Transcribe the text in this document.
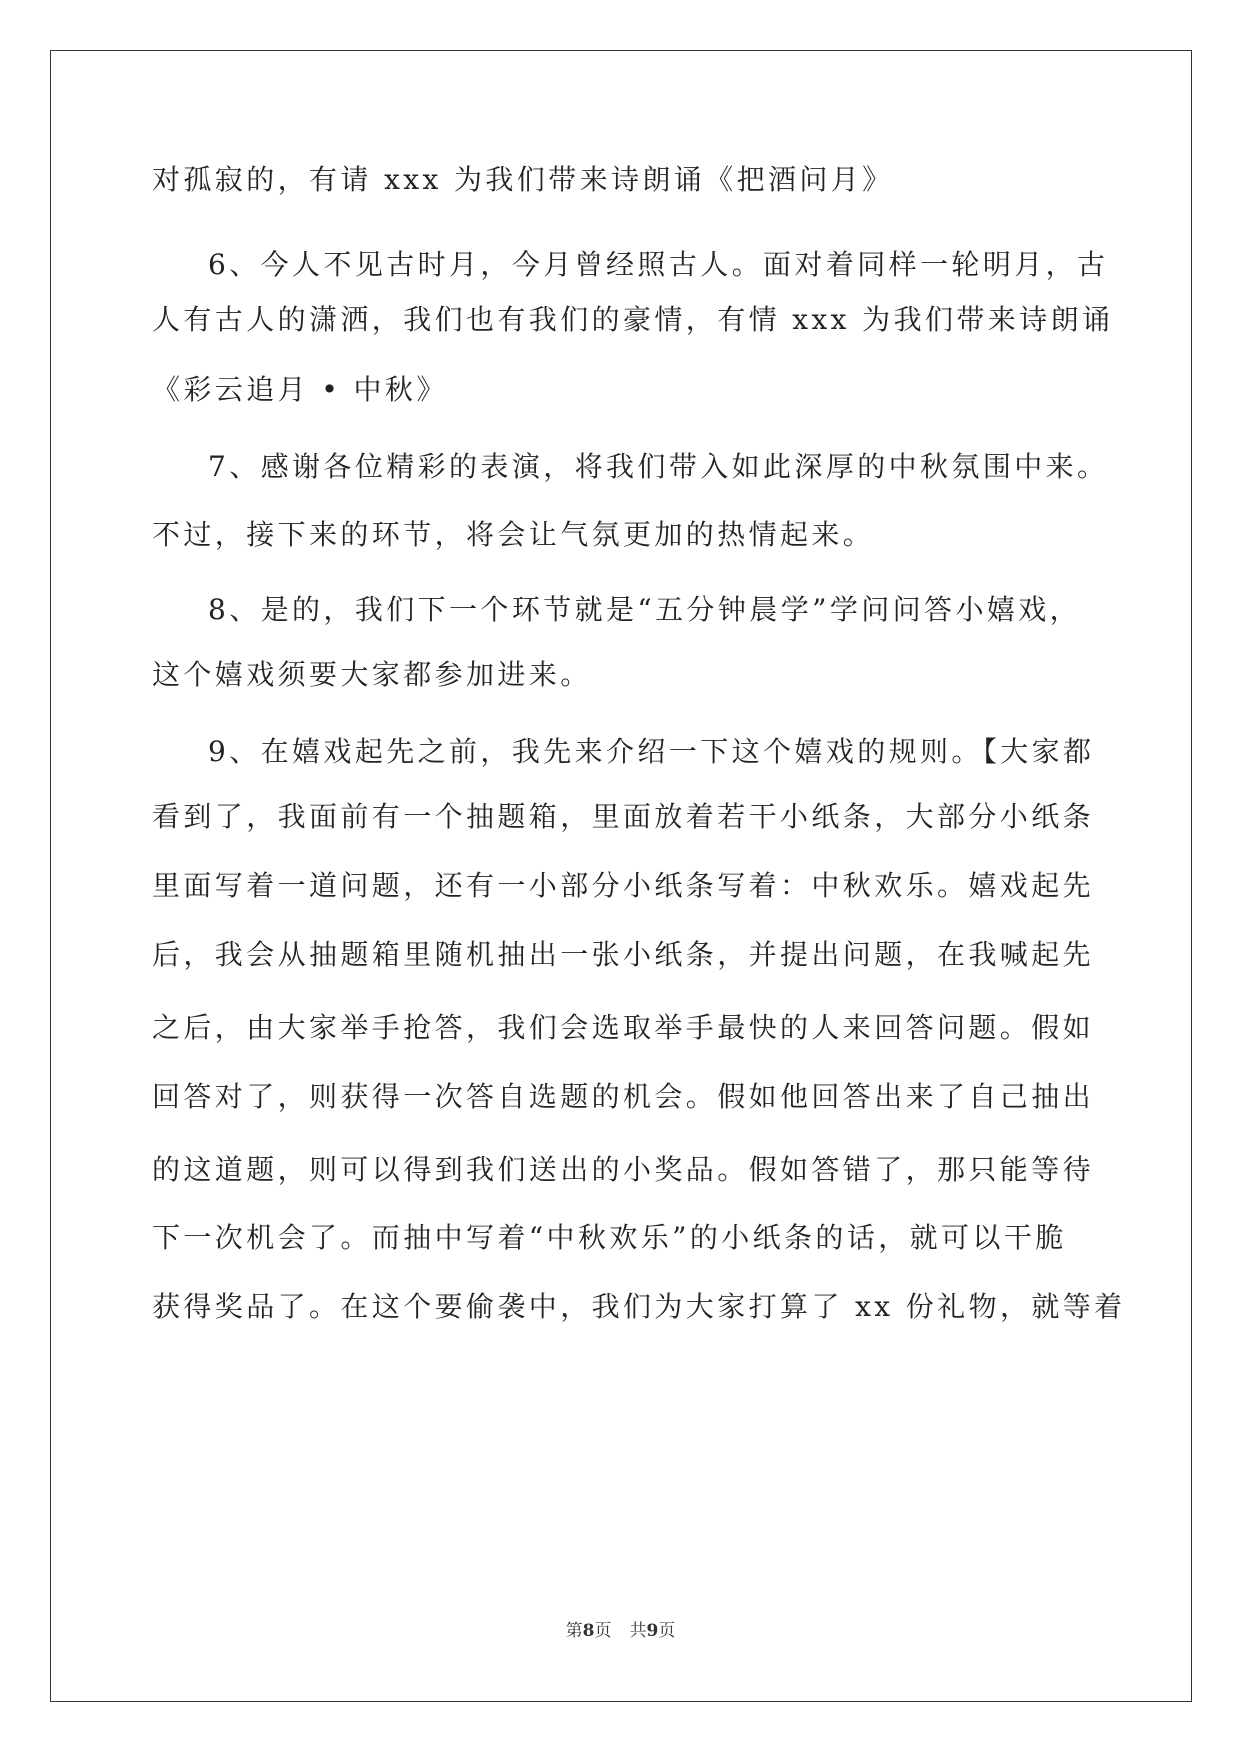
对孤寂的，有请 xxx 为我们带来诗朗诵《把酒问月》
6、今人不见古时月，今月曾经照古人。面对着同样一轮明月，古
人有古人的潇洒，我们也有我们的豪情，有情 xxx 为我们带来诗朗诵
《彩云追月 • 中秋》
7、感谢各位精彩的表演，将我们带入如此深厚的中秋氛围中来。
不过，接下来的环节，将会让气氛更加的热情起来。
8、是的，我们下一个环节就是“五分钟晨学”学问问答小嬉戏，
这个嬉戏须要大家都参加进来。
9、在嬉戏起先之前，我先来介绍一下这个嬉戏的规则。【大家都
看到了，我面前有一个抽题箱，里面放着若干小纸条，大部分小纸条
里面写着一道问题，还有一小部分小纸条写着：中秋欢乐。嬉戏起先
后，我会从抽题箱里随机抽出一张小纸条，并提出问题，在我喊起先
之后，由大家举手抢答，我们会选取举手最快的人来回答问题。假如
回答对了，则获得一次答自选题的机会。假如他回答出来了自己抽出
的这道题，则可以得到我们送出的小奖品。假如答错了，那只能等待
下一次机会了。而抽中写着“中秋欢乐”的小纸条的话，就可以干脆
获得奖品了。在这个要偷袭中，我们为大家打算了 xx 份礼物，就等着
第8页 共9页
